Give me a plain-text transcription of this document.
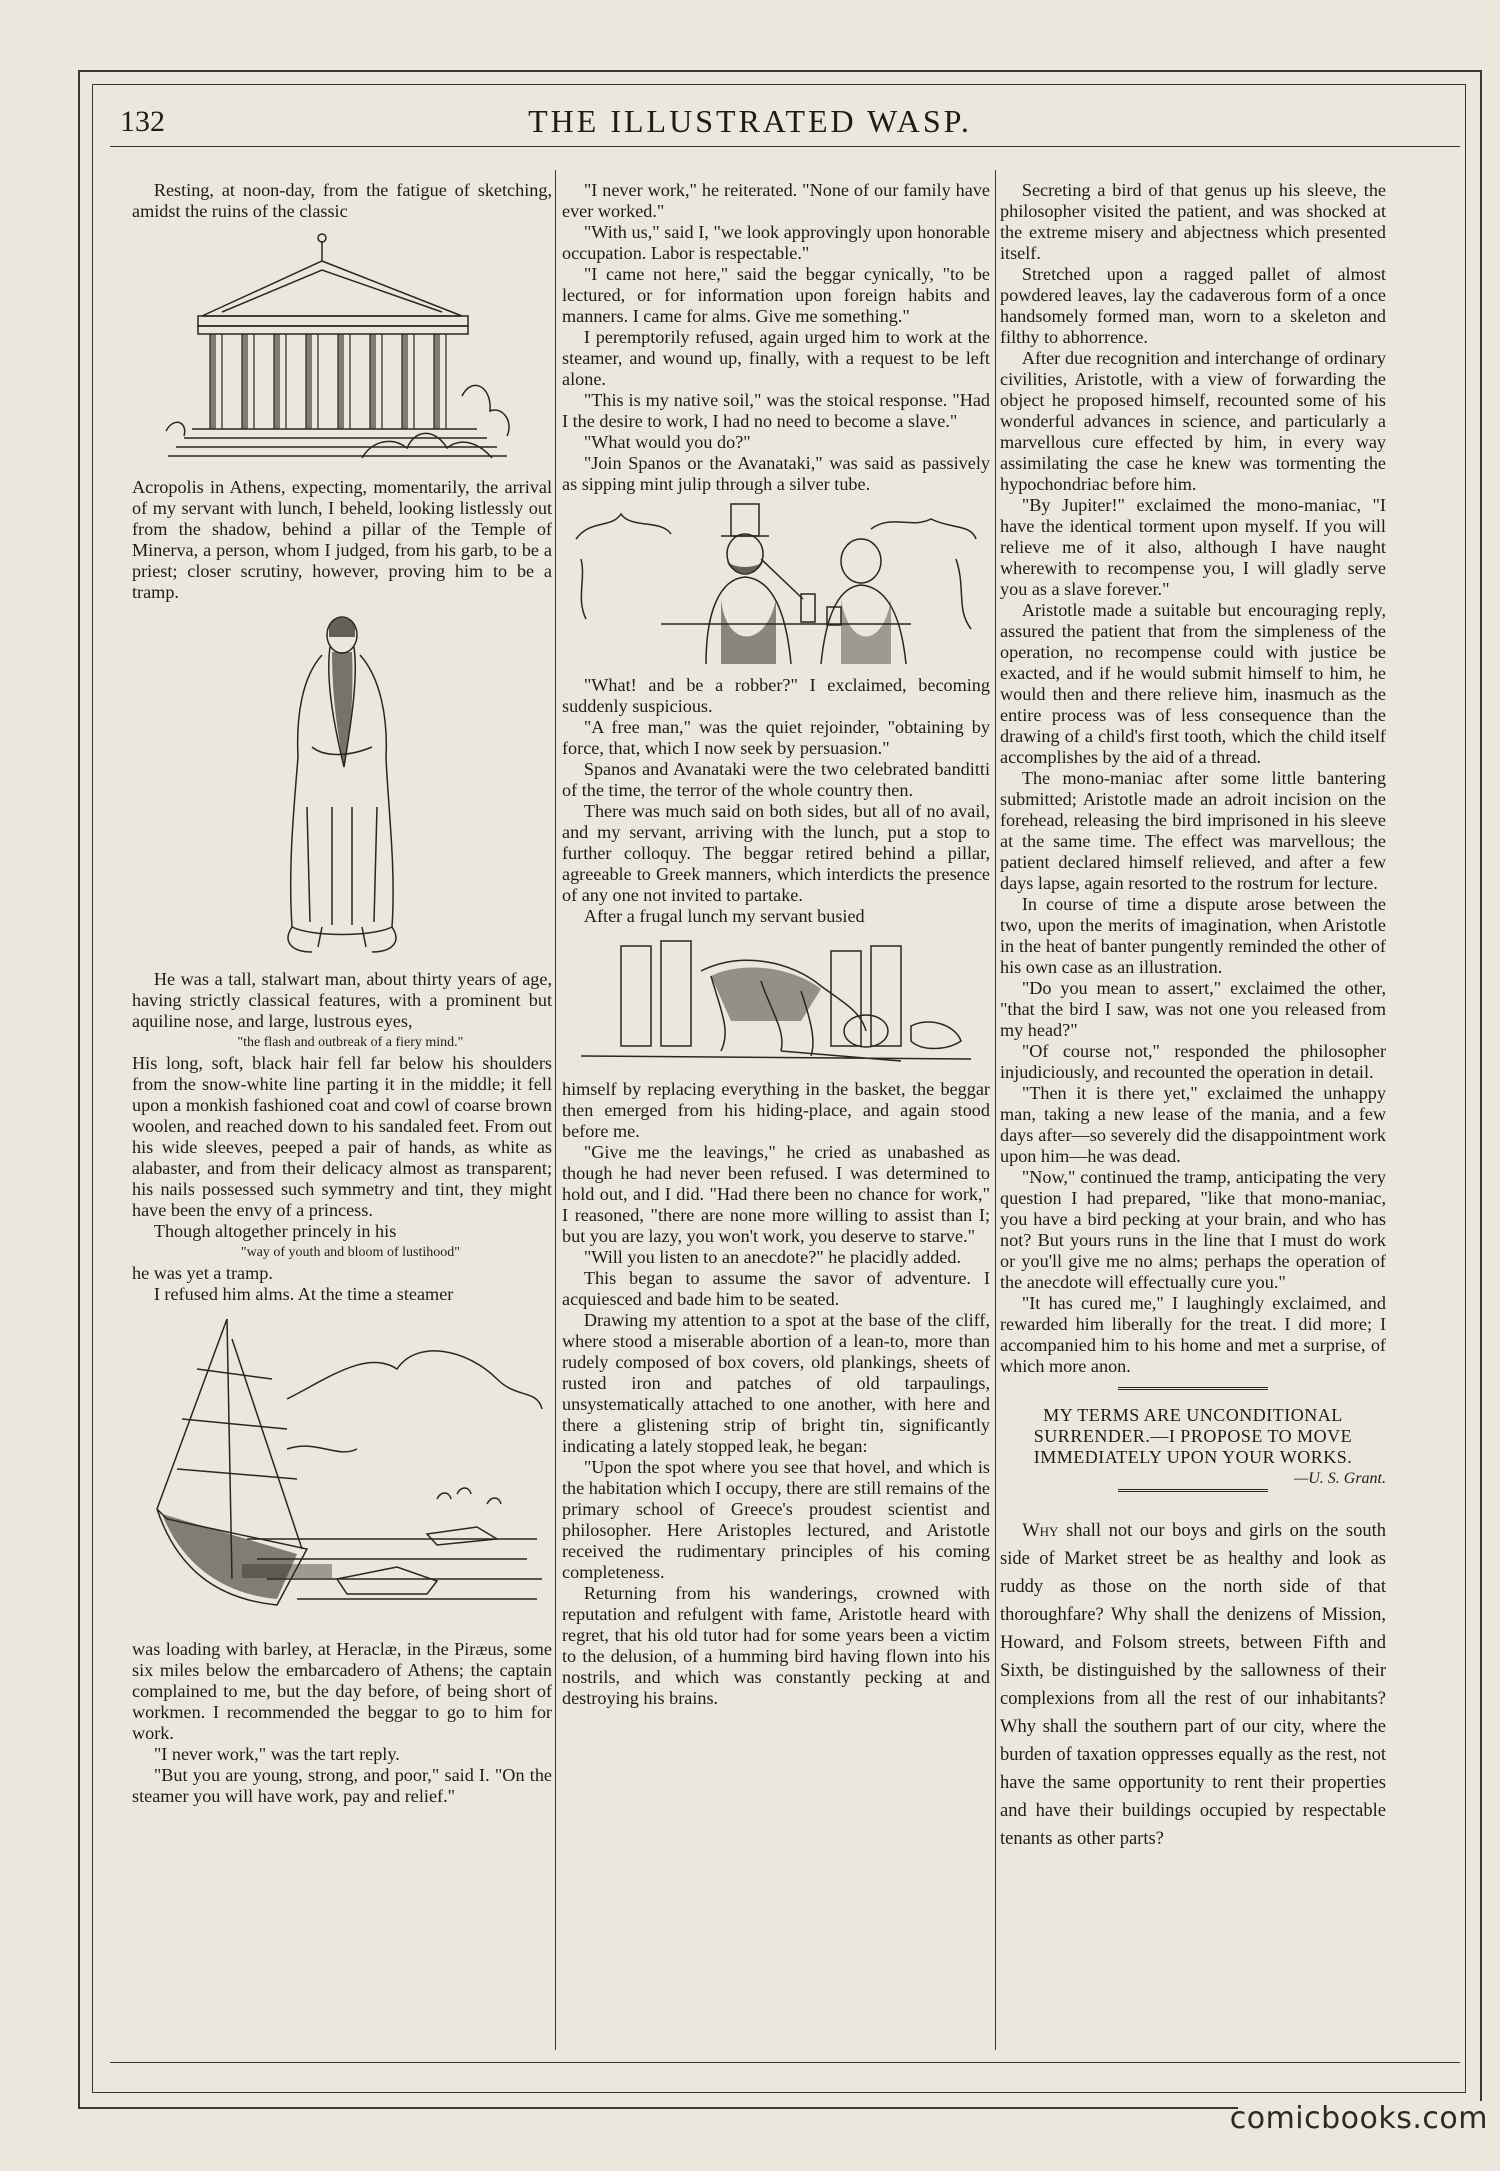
132	THE ILLUSTRATED WASP.

Resting, at noon-day, from the fatigue of sketching, amidst the ruins of the classic

Acropolis in Athens, expecting, momentarily, the arrival of my servant with lunch, I beheld, looking listlessly out from the shadow, behind a pillar of the Temple of Minerva, a person, whom I judged, from his garb, to be a priest; closer scrutiny, however, proving him to be a tramp.

He was a tall, stalwart man, about thirty years of age, having strictly classical features, with a prominent but aquiline nose, and large, lustrous eyes,

"the flash and outbreak of a fiery mind."

His long, soft, black hair fell far below his shoulders from the snow-white line parting it in the middle; it fell upon a monkish fashioned coat and cowl of coarse brown woolen, and reached down to his sandaled feet. From out his wide sleeves, peeped a pair of hands, as white as alabaster, and from their delicacy almost as transparent; his nails possessed such symmetry and tint, they might have been the envy of a princess.

Though altogether princely in his

"way of youth and bloom of lustihood"

he was yet a tramp.

I refused him alms. At the time a steamer

was loading with barley, at Heraclæ, in the Piræus, some six miles below the embarcadero of Athens; the captain complained to me, but the day before, of being short of workmen. I recommended the beggar to go to him for work.

"I never work," was the tart reply.

"But you are young, strong, and poor," said I. "On the steamer you will have work, pay and relief."

"I never work," he reiterated. "None of our family have ever worked."

"With us," said I, "we look approvingly upon honorable occupation. Labor is respectable."

"I came not here," said the beggar cynically, "to be lectured, or for information upon foreign habits and manners. I came for alms. Give me something."

I peremptorily refused, again urged him to work at the steamer, and wound up, finally, with a request to be left alone.

"This is my native soil," was the stoical response. "Had I the desire to work, I had no need to become a slave."

"What would you do?"

"Join Spanos or the Avanataki," was said as passively as sipping mint julip through a silver tube.

"What! and be a robber?" I exclaimed, becoming suddenly suspicious.

"A free man," was the quiet rejoinder, "obtaining by force, that, which I now seek by persuasion."

Spanos and Avanataki were the two celebrated banditti of the time, the terror of the whole country then.

There was much said on both sides, but all of no avail, and my servant, arriving with the lunch, put a stop to further colloquy. The beggar retired behind a pillar, agreeable to Greek manners, which interdicts the presence of any one not invited to partake.

After a frugal lunch my servant busied

himself by replacing everything in the basket, the beggar then emerged from his hiding-place, and again stood before me.

"Give me the leavings," he cried as unabashed as though he had never been refused. I was determined to hold out, and I did. "Had there been no chance for work," I reasoned, "there are none more willing to assist than I; but you are lazy, you won't work, you deserve to starve."

"Will you listen to an anecdote?" he placidly added.

This began to assume the savor of adventure. I acquiesced and bade him to be seated.

Drawing my attention to a spot at the base of the cliff, where stood a miserable abortion of a lean-to, more than rudely composed of box covers, old plankings, sheets of rusted iron and patches of old tarpaulings, unsystematically attached to one another, with here and there a glistening strip of bright tin, significantly indicating a lately stopped leak, he began:

"Upon the spot where you see that hovel, and which is the habitation which I occupy, there are still remains of the primary school of Greece's proudest scientist and philosopher. Here Aristoples lectured, and Aristotle received the rudimentary principles of his coming completeness.

Returning from his wanderings, crowned with reputation and refulgent with fame, Aristotle heard with regret, that his old tutor had for some years been a victim to the delusion, of a humming bird having flown into his nostrils, and which was constantly pecking at and destroying his brains.

Secreting a bird of that genus up his sleeve, the philosopher visited the patient, and was shocked at the extreme misery and abjectness which presented itself.

Stretched upon a ragged pallet of almost powdered leaves, lay the cadaverous form of a once handsomely formed man, worn to a skeleton and filthy to abhorrence.

After due recognition and interchange of ordinary civilities, Aristotle, with a view of forwarding the object he proposed himself, recounted some of his wonderful advances in science, and particularly a marvellous cure effected by him, in every way assimilating the case he knew was tormenting the hypochondriac before him.

"By Jupiter!" exclaimed the mono-maniac, "I have the identical torment upon myself. If you will relieve me of it also, although I have naught wherewith to recompense you, I will gladly serve you as a slave forever."

Aristotle made a suitable but encouraging reply, assured the patient that from the simpleness of the operation, no recompense could with justice be exacted, and if he would submit himself to him, he would then and there relieve him, inasmuch as the entire process was of less consequence than the drawing of a child's first tooth, which the child itself accomplishes by the aid of a thread.

The mono-maniac after some little bantering submitted; Aristotle made an adroit incision on the forehead, releasing the bird imprisoned in his sleeve at the same time. The effect was marvellous; the patient declared himself relieved, and after a few days lapse, again resorted to the rostrum for lecture.

In course of time a dispute arose between the two, upon the merits of imagination, when Aristotle in the heat of banter pungently reminded the other of his own case as an illustration.

"Do you mean to assert," exclaimed the other, "that the bird I saw, was not one you released from my head?"

"Of course not," responded the philosopher injudiciously, and recounted the operation in detail.

"Then it is there yet," exclaimed the unhappy man, taking a new lease of the mania, and a few days after—so severely did the disappointment work upon him—he was dead.

"Now," continued the tramp, anticipating the very question I had prepared, "like that mono-maniac, you have a bird pecking at your brain, and who has not? But yours runs in the line that I must do work or you'll give me no alms; perhaps the operation of the anecdote will effectually cure you."

"It has cured me," I laughingly exclaimed, and rewarded him liberally for the treat. I did more; I accompanied him to his home and met a surprise, of which more anon.

MY TERMS ARE UNCONDITIONAL SURRENDER.—I PROPOSE TO MOVE IMMEDIATELY UPON YOUR WORKS.

—U. S. Grant.

Why shall not our boys and girls on the south side of Market street be as healthy and look as ruddy as those on the north side of that thoroughfare? Why shall the denizens of Mission, Howard, and Folsom streets, between Fifth and Sixth, be distinguished by the sallowness of their complexions from all the rest of our inhabitants? Why shall the southern part of our city, where the burden of taxation oppresses equally as the rest, not have the same opportunity to rent their properties and have their buildings occupied by respectable tenants as other parts?

comicbooks.com
